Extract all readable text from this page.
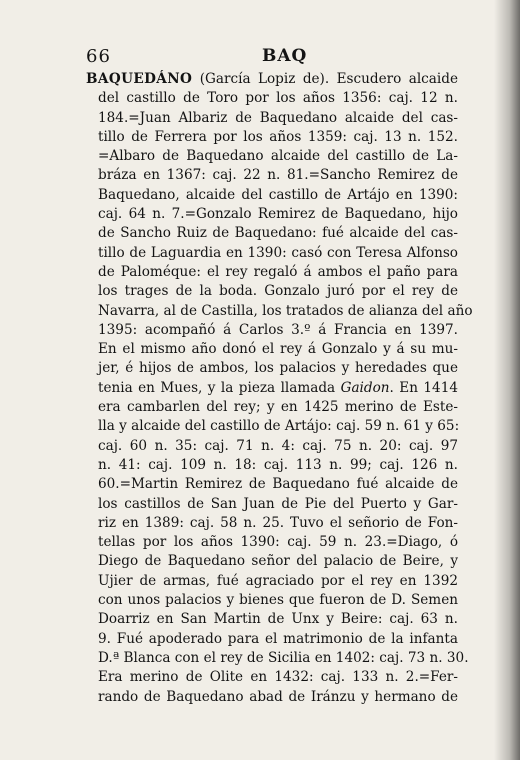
66	BAQ
BAQUEDÁNO (García Lopiz de). Escudero alcaide
del castillo de Toro por los años 1356: caj. 12 n.
184.=Juan Albariz de Baquedano alcaide del cas-
tillo de Ferrera por los años 1359: caj. 13 n. 152.
=Albaro de Baquedano alcaide del castillo de La-
bráza en 1367: caj. 22 n. 81.=Sancho Remirez de
Baquedano, alcaide del castillo de Artájo en 1390:
caj. 64 n. 7.=Gonzalo Remirez de Baquedano, hijo
de Sancho Ruiz de Baquedano: fué alcaide del cas-
tillo de Laguardia en 1390: casó con Teresa Alfonso
de Paloméque: el rey regaló á ambos el paño para
los trages de la boda. Gonzalo juró por el rey de
Navarra, al de Castilla, los tratados de alianza del año
1395: acompañó á Carlos 3.º á Francia en 1397.
En el mismo año donó el rey á Gonzalo y á su mu-
jer, é hijos de ambos, los palacios y heredades que
tenia en Mues, y la pieza llamada Gaidon. En 1414
era cambarlen del rey; y en 1425 merino de Este-
lla y alcaide del castillo de Artájo: caj. 59 n. 61 y 65:
caj. 60 n. 35: caj. 71 n. 4: caj. 75 n. 20: caj. 97
n. 41: caj. 109 n. 18: caj. 113 n. 99; caj. 126 n.
60.=Martin Remirez de Baquedano fué alcaide de
los castillos de San Juan de Pie del Puerto y Gar-
riz en 1389: caj. 58 n. 25. Tuvo el señorio de Fon-
tellas por los años 1390: caj. 59 n. 23.=Diago, ó
Diego de Baquedano señor del palacio de Beire, y
Ujier de armas, fué agraciado por el rey en 1392
con unos palacios y bienes que fueron de D. Semen
Doarriz en San Martin de Unx y Beire: caj. 63 n.
9. Fué apoderado para el matrimonio de la infanta
D.ª Blanca con el rey de Sicilia en 1402: caj. 73 n. 30.
Era merino de Olite en 1432: caj. 133 n. 2.=Fer-
rando de Baquedano abad de Iránzu y hermano de
